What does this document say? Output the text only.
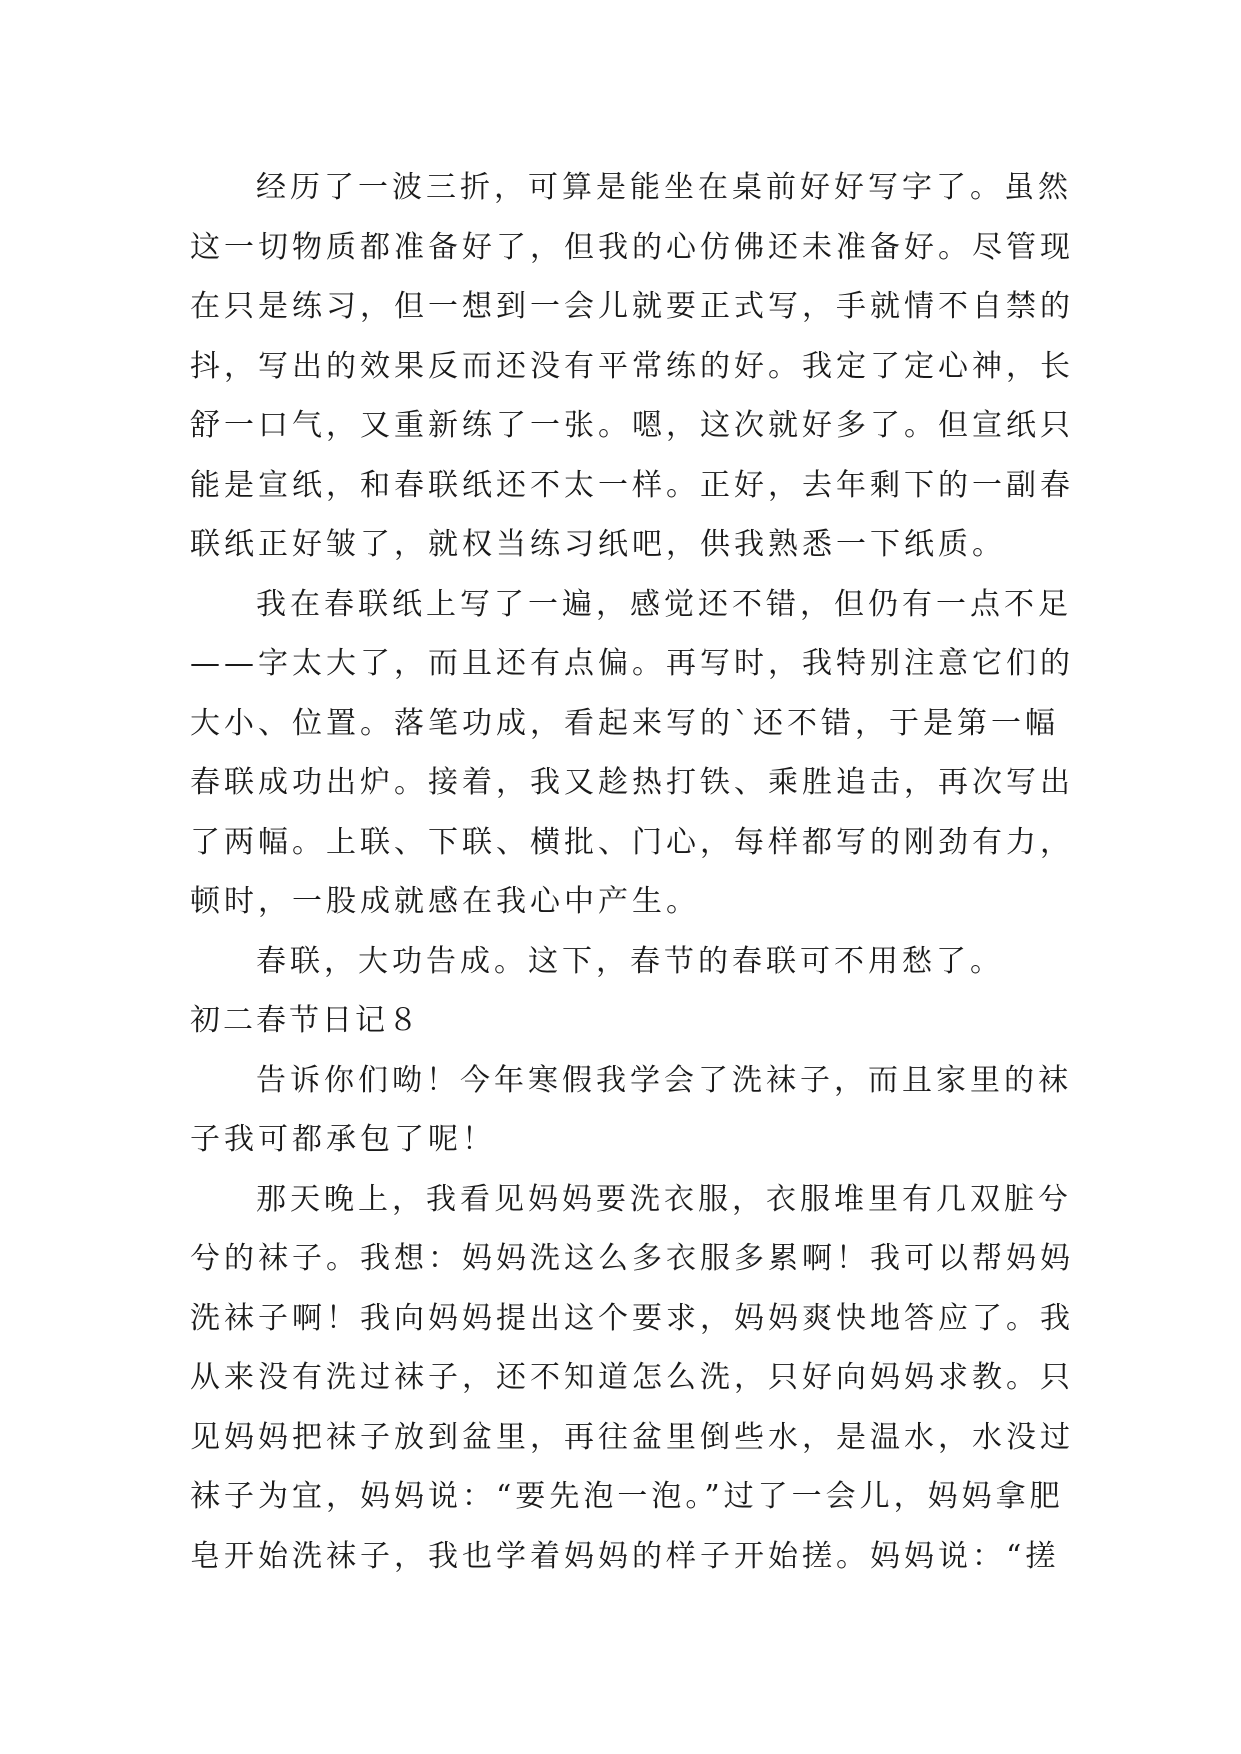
经历了一波三折，可算是能坐在桌前好好写字了。虽然
这一切物质都准备好了，但我的心仿佛还未准备好。尽管现
在只是练习，但一想到一会儿就要正式写，手就情不自禁的
抖，写出的效果反而还没有平常练的好。我定了定心神，长
舒一口气，又重新练了一张。嗯，这次就好多了。但宣纸只
能是宣纸，和春联纸还不太一样。正好，去年剩下的一副春
联纸正好皱了，就权当练习纸吧，供我熟悉一下纸质。
我在春联纸上写了一遍，感觉还不错，但仍有一点不足
——字太大了，而且还有点偏。再写时，我特别注意它们的
大小、位置。落笔功成，看起来写的`还不错，于是第一幅
春联成功出炉。接着，我又趁热打铁、乘胜追击，再次写出
了两幅。上联、下联、横批、门心，每样都写的刚劲有力，
顿时，一股成就感在我心中产生。
春联，大功告成。这下，春节的春联可不用愁了。
初二春节日记８
告诉你们呦！今年寒假我学会了洗袜子，而且家里的袜
子我可都承包了呢！
那天晚上，我看见妈妈要洗衣服，衣服堆里有几双脏兮
兮的袜子。我想：妈妈洗这么多衣服多累啊！我可以帮妈妈
洗袜子啊！我向妈妈提出这个要求，妈妈爽快地答应了。我
从来没有洗过袜子，还不知道怎么洗，只好向妈妈求教。只
见妈妈把袜子放到盆里，再往盆里倒些水，是温水，水没过
袜子为宜，妈妈说：“要先泡一泡。”过了一会儿，妈妈拿肥
皂开始洗袜子，我也学着妈妈的样子开始搓。妈妈说：“搓
